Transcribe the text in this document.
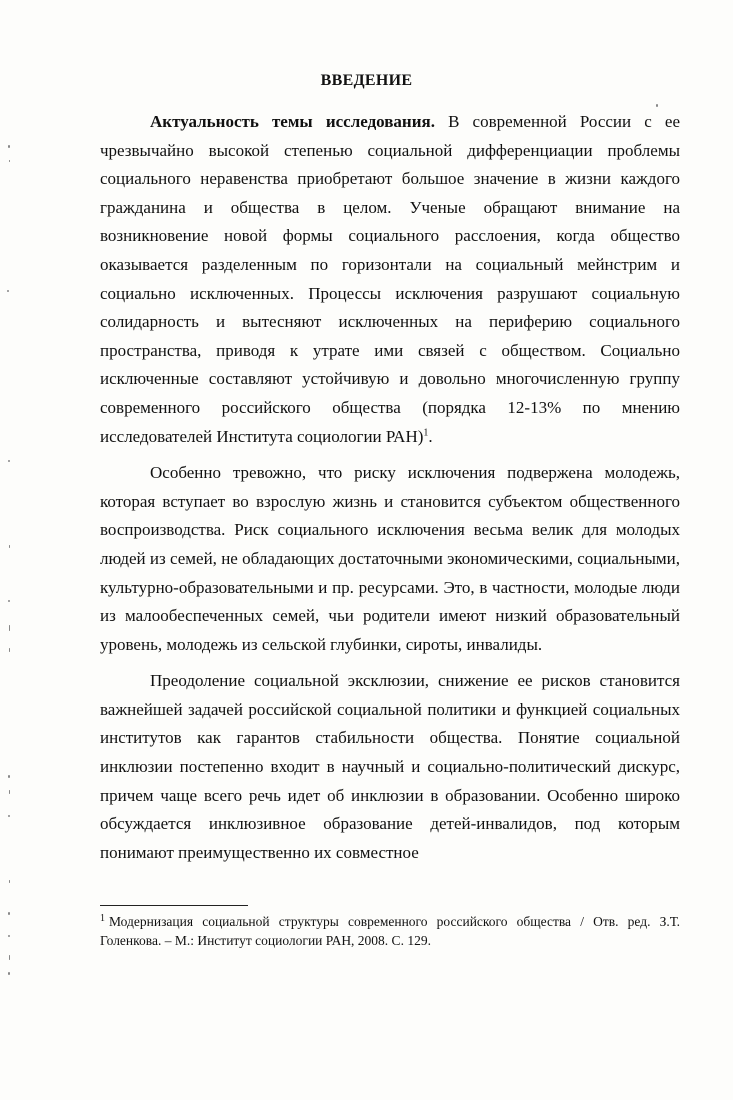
ВВЕДЕНИЕ

Актуальность темы исследования. В современной России с ее чрезвычайно высокой степенью социальной дифференциации проблемы социального неравенства приобретают большое значение в жизни каждого гражданина и общества в целом. Ученые обращают внимание на возникновение новой формы социального расслоения, когда общество оказывается разделенным по горизонтали на социальный мейнстрим и социально исключенных. Процессы исключения разрушают социальную солидарность и вытесняют исключенных на периферию социального пространства, приводя к утрате ими связей с обществом. Социально исключенные составляют устойчивую и довольно многочисленную группу современного российского общества (порядка 12-13% по мнению исследователей Института социологии РАН)$^1$.

Особенно тревожно, что риску исключения подвержена молодежь, которая вступает во взрослую жизнь и становится субъектом общественного воспроизводства. Риск социального исключения весьма велик для молодых людей из семей, не обладающих достаточными экономическими, социальными, культурно-образовательными и пр. ресурсами. Это, в частности, молодые люди из малообеспеченных семей, чьи родители имеют низкий образовательный уровень, молодежь из сельской глубинки, сироты, инвалиды.

Преодоление социальной эксклюзии, снижение ее рисков становится важнейшей задачей российской социальной политики и функцией социальных институтов как гарантов стабильности общества. Понятие социальной инклюзии постепенно входит в научный и социально-политический дискурс, причем чаще всего речь идет об инклюзии в образовании. Особенно широко обсуждается инклюзивное образование детей-инвалидов, под которым понимают преимущественно их совместное

$^1$ Модернизация социальной структуры современного российского общества / Отв. ред. З.Т. Голенкова. – М.: Институт социологии РАН, 2008. С. 129.
